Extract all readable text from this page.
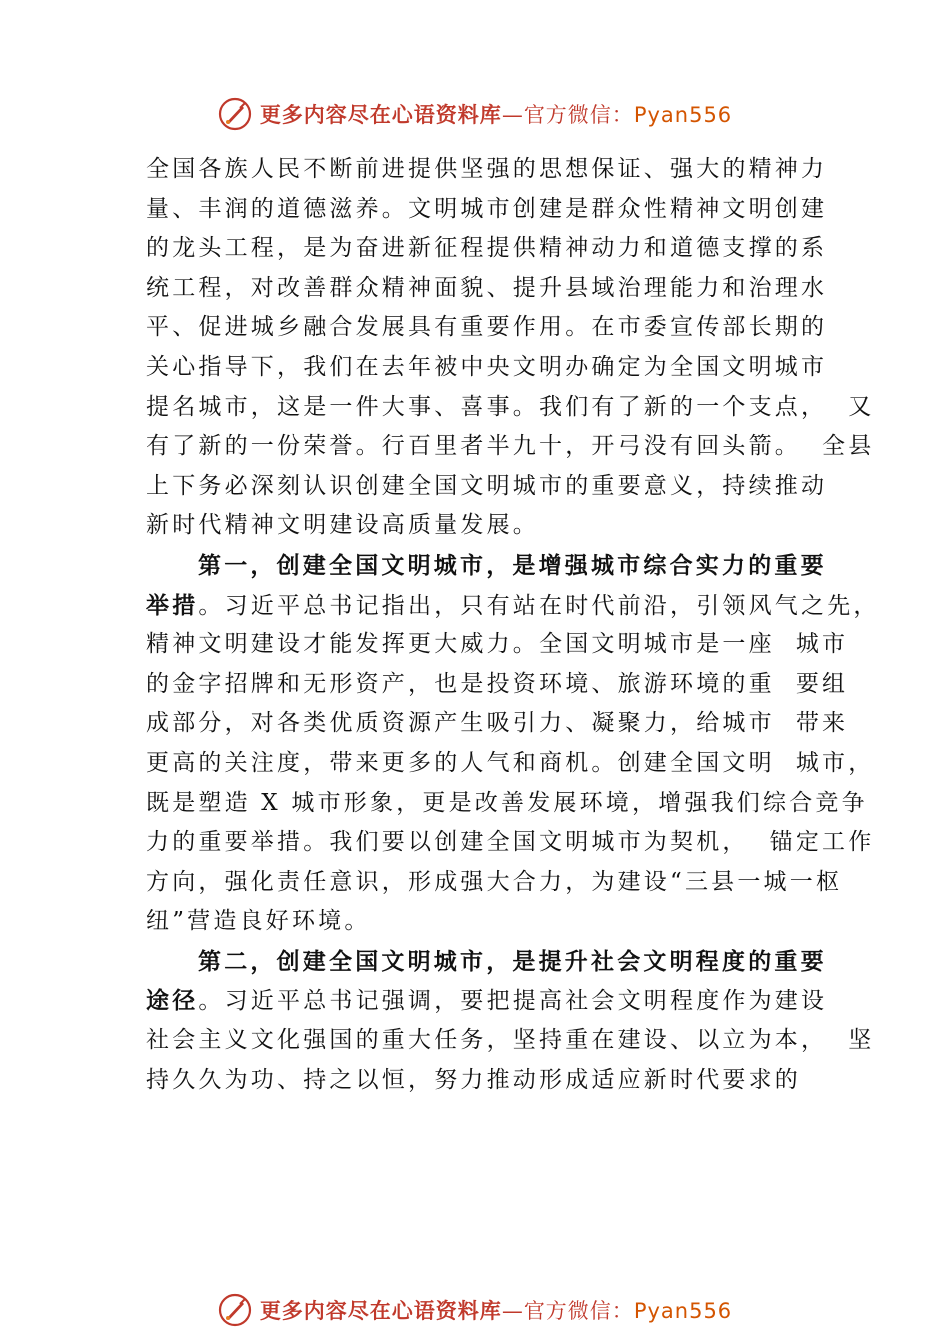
更多内容尽在心语资料库—官方微信：Pyan556
全国各族人民不断前进提供坚强的思想保证、强大的精神力
量、丰润的道德滋养。文明城市创建是群众性精神文明创建
的龙头工程，是为奋进新征程提供精神动力和道德支撑的系
统工程，对改善群众精神面貌、提升县域治理能力和治理水
平、促进城乡融合发展具有重要作用。在市委宣传部长期的
关心指导下，我们在去年被中央文明办确定为全国文明城市
提名城市，这是一件大事、喜事。我们有了新的一个支点，  又
有了新的一份荣誉。行百里者半九十，开弓没有回头箭。  全县
上下务必深刻认识创建全国文明城市的重要意义，持续推动
新时代精神文明建设高质量发展。
第一，创建全国文明城市，是增强城市综合实力的重要
举措。习近平总书记指出，只有站在时代前沿，引领风气之先，
精神文明建设才能发挥更大威力。全国文明城市是一座  城市
的金字招牌和无形资产，也是投资环境、旅游环境的重  要组
成部分，对各类优质资源产生吸引力、凝聚力，给城市  带来
更高的关注度，带来更多的人气和商机。创建全国文明  城市，
既是塑造 X 城市形象，更是改善发展环境，增强我们综合竞争
力的重要举措。我们要以创建全国文明城市为契机，  锚定工作
方向，强化责任意识，形成强大合力，为建设“三县一城一枢
纽”营造良好环境。
第二，创建全国文明城市，是提升社会文明程度的重要
途径。习近平总书记强调，要把提高社会文明程度作为建设
社会主义文化强国的重大任务，坚持重在建设、以立为本，  坚
持久久为功、持之以恒，努力推动形成适应新时代要求的
更多内容尽在心语资料库—官方微信：Pyan556
